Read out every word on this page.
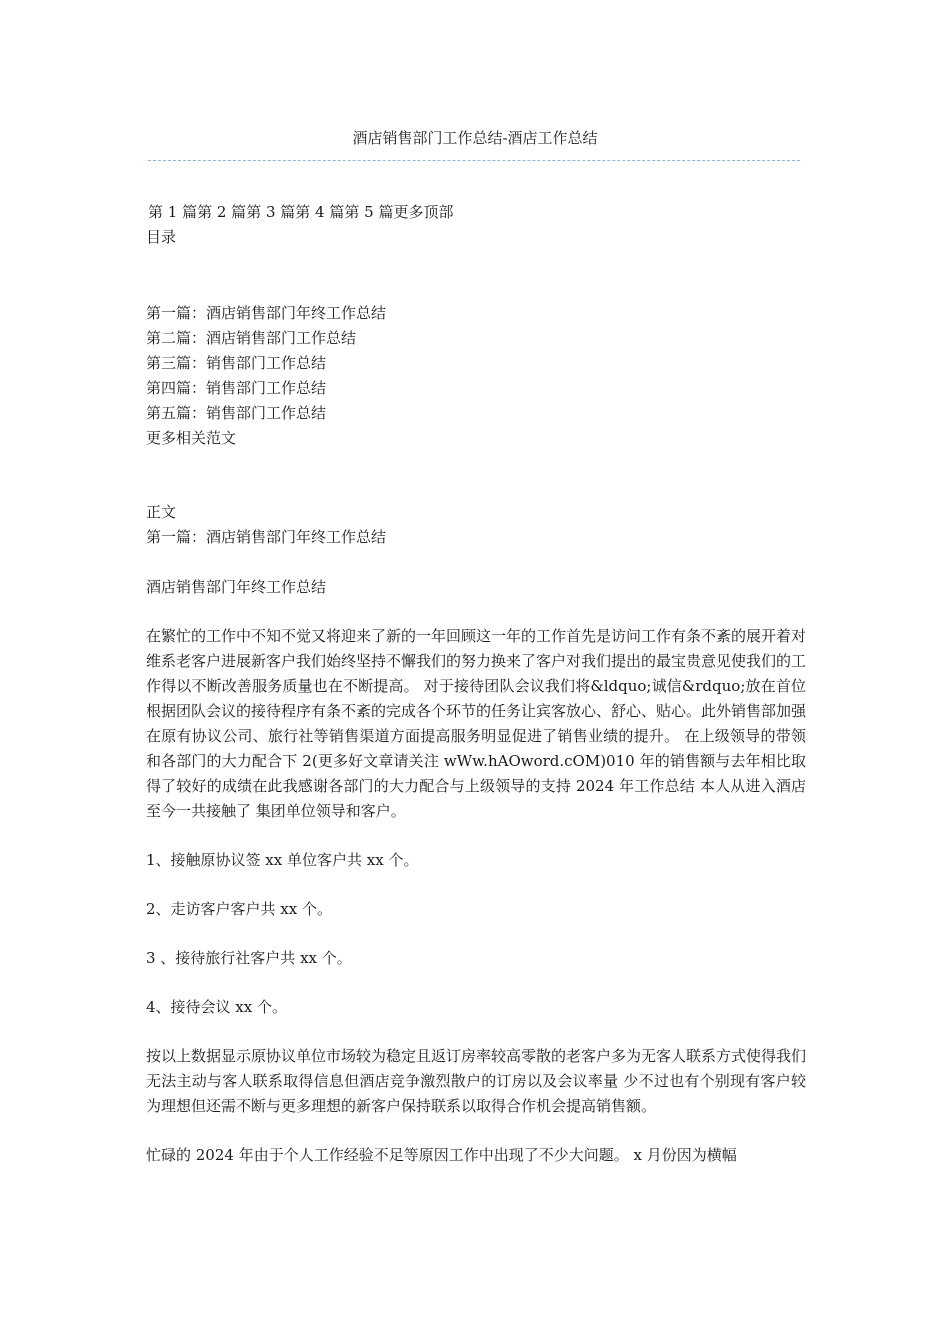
酒店销售部门工作总结-酒店工作总结
第 1 篇第 2 篇第 3 篇第 4 篇第 5 篇更多顶部
目录
第一篇：酒店销售部门年终工作总结
第二篇：酒店销售部门工作总结
第三篇：销售部门工作总结
第四篇：销售部门工作总结
第五篇：销售部门工作总结
更多相关范文
正文
第一篇：酒店销售部门年终工作总结

酒店销售部门年终工作总结

在繁忙的工作中不知不觉又将迎来了新的一年回顾这一年的工作首先是访问工作有条不紊的展开着对维系老客户进展新客户我们始终坚持不懈我们的努力换来了客户对我们提出的最宝贵意见使我们的工作得以不断改善服务质量也在不断提高。 对于接待团队会议我们将&ldquo;诚信&rdquo;放在首位根据团队会议的接待程序有条不紊的完成各个环节的任务让宾客放心、舒心、贴心。此外销售部加强在原有协议公司、旅行社等销售渠道方面提高服务明显促进了销售业绩的提升。 在上级领导的带领和各部门的大力配合下 2(更多好文章请关注 wWw.hAOword.cOM)010 年的销售额与去年相比取得了较好的成绩在此我感谢各部门的大力配合与上级领导的支持 2024 年工作总结 本人从进入酒店至今一共接触了 集团单位领导和客户。

1、接触原协议签 xx 单位客户共 xx 个。

2、走访客户客户共 xx 个。

3 、接待旅行社客户共 xx 个。

4、接待会议 xx 个。

按以上数据显示原协议单位市场较为稳定且返订房率较高零散的老客户多为无客人联系方式使得我们无法主动与客人联系取得信息但酒店竞争激烈散户的订房以及会议率量 少不过也有个别现有客户较为理想但还需不断与更多理想的新客户保持联系以取得合作机会提高销售额。

忙碌的 2024 年由于个人工作经验不足等原因工作中出现了不少大问题。 x 月份因为横幅
